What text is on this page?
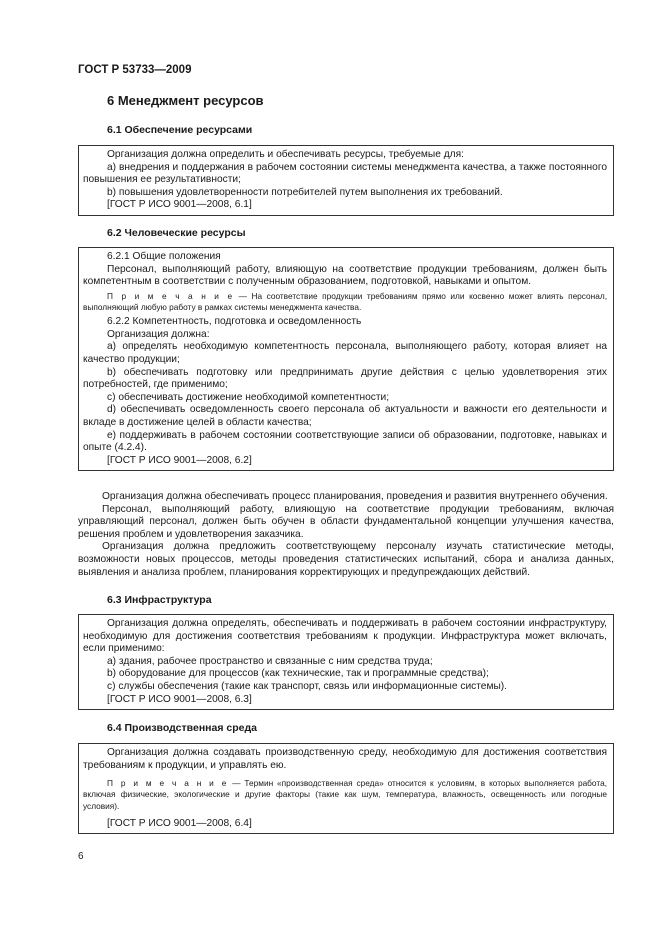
ГОСТ Р 53733—2009
6 Менеджмент ресурсов
6.1 Обеспечение ресурсами

Организация должна определить и обеспечивать ресурсы, требуемые для:

a) внедрения и поддержания в рабочем состоянии системы менеджмента качества, а также постоянного повышения ее результативности;

b) повышения удовлетворенности потребителей путем выполнения их требований.

[ГОСТ Р ИСО 9001—2008, 6.1]

6.2 Человеческие ресурсы

6.2.1 Общие положения

Персонал, выполняющий работу, влияющую на соответствие продукции требованиям, должен быть компетентным в соответствии с полученным образованием, подготовкой, навыками и опытом.

П р и м е ч а н и е — На соответствие продукции требованиям прямо или косвенно может влиять персонал, выполняющий любую работу в рамках системы менеджмента качества.

6.2.2 Компетентность, подготовка и осведомленность

Организация должна:

a) определять необходимую компетентность персонала, выполняющего работу, которая влияет на качество продукции;

b) обеспечивать подготовку или предпринимать другие действия с целью удовлетворения этих потребностей, где применимо;

c) обеспечивать достижение необходимой компетентности;

d) обеспечивать осведомленность своего персонала об актуальности и важности его деятельности и вкладе в достижение целей в области качества;

e) поддерживать в рабочем состоянии соответствующие записи об образовании, подготовке, навыках и опыте (4.2.4).

[ГОСТ Р ИСО 9001—2008, 6.2]

Организация должна обеспечивать процесс планирования, проведения и развития внутреннего обучения.

Персонал, выполняющий работу, влияющую на соответствие продукции требованиям, включая управляющий персонал, должен быть обучен в области фундаментальной концепции улучшения качества, решения проблем и удовлетворения заказчика.

Организация должна предложить соответствующему персоналу изучать статистические методы, возможности новых процессов, методы проведения статистических испытаний, сбора и анализа данных, выявления и анализа проблем, планирования корректирующих и предупреждающих действий.

6.3 Инфраструктура

Организация должна определять, обеспечивать и поддерживать в рабочем состоянии инфраструктуру, необходимую для достижения соответствия требованиям к продукции. Инфраструктура может включать, если применимо:

a) здания, рабочее пространство и связанные с ним средства труда;

b) оборудование для процессов (как технические, так и программные средства);

c) службы обеспечения (такие как транспорт, связь или информационные системы).

[ГОСТ Р ИСО 9001—2008, 6.3]

6.4 Производственная среда

Организация должна создавать производственную среду, необходимую для достижения соответствия требованиям к продукции, и управлять ею.

П р и м е ч а н и е — Термин «производственная среда» относится к условиям, в которых выполняется работа, включая физические, экологические и другие факторы (такие как шум, температура, влажность, освещенность или погодные условия).

[ГОСТ Р ИСО 9001—2008, 6.4]

6
